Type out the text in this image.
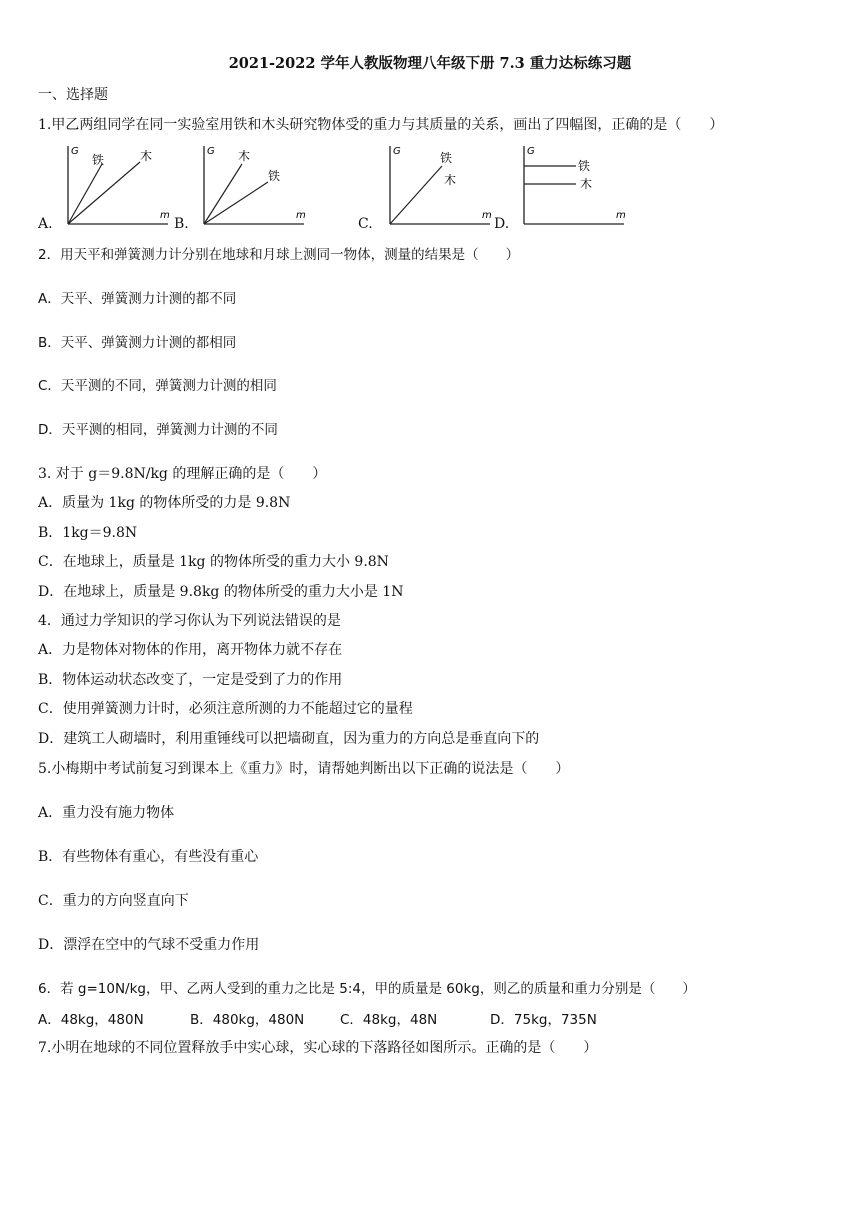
2021-2022 学年人教版物理八年级下册 7.3 重力达标练习题
一、选择题
1.甲乙两组同学在同一实验室用铁和木头研究物体受的重力与其质量的关系，画出了四幅图，正确的是（　　）
A.
G
m
铁	木
B.
G
m
木
铁
C.
G
m
铁
木
D.
G
m
铁
木
2．用天平和弹簧测力计分别在地球和月球上测同一物体，测量的结果是（　　）
A．天平、弹簧测力计测的都不同
B．天平、弹簧测力计测的都相同
C．天平测的不同，弹簧测力计测的相同
D．天平测的相同，弹簧测力计测的不同
3. 对于 g＝9.8N/kg 的理解正确的是（　　）
A．质量为 1kg 的物体所受的力是 9.8N
B．1kg＝9.8N
C．在地球上，质量是 1kg 的物体所受的重力大小 9.8N
D．在地球上，质量是 9.8kg 的物体所受的重力大小是 1N
4．通过力学知识的学习你认为下列说法错误的是
A．力是物体对物体的作用，离开物体力就不存在
B．物体运动状态改变了，一定是受到了力的作用
C．使用弹簧测力计时，必须注意所测的力不能超过它的量程
D．建筑工人砌墙时，利用重锤线可以把墙砌直，因为重力的方向总是垂直向下的
5.小梅期中考试前复习到课本上《重力》时，请帮她判断出以下正确的说法是（　　）
A．重力没有施力物体
B．有些物体有重心，有些没有重心
C．重力的方向竖直向下
D．漂浮在空中的气球不受重力作用
6．若 g=10N/kg，甲、乙两人受到的重力之比是 5:4，甲的质量是 60kg，则乙的质量和重力分别是（　　）
A．48kg，480N	B．480kg，480N	C．48kg，48N	D．75kg，735N
7.小明在地球的不同位置释放手中实心球，实心球的下落路径如图所示。正确的是（　　）
